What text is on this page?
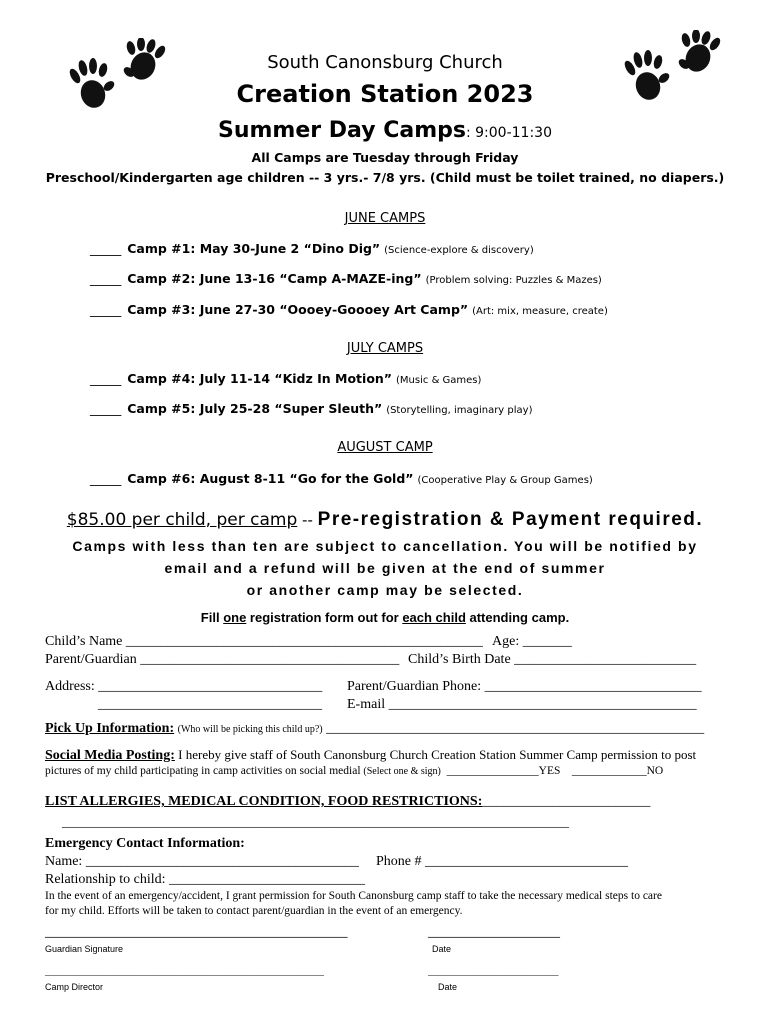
South Canonsburg Church
Creation Station 2023
Summer Day Camps: 9:00-11:30
All Camps are Tuesday through Friday
Preschool/Kindergarten age children -- 3 yrs.- 7/8 yrs. (Child must be toilet trained, no diapers.)
JUNE CAMPS
_____ Camp #1: May 30-June 2 “Dino Dig” (Science-explore & discovery)
_____ Camp #2: June 13-16 “Camp A-MAZE-ing” (Problem solving: Puzzles & Mazes)
_____ Camp #3: June 27-30 “Oooey-Goooey Art Camp” (Art: mix, measure, create)
JULY CAMPS
_____ Camp #4: July 11-14 “Kidz In Motion” (Music & Games)
_____ Camp #5: July 25-28 “Super Sleuth” (Storytelling, imaginary play)
AUGUST CAMP
_____ Camp #6: August 8-11 “Go for the Gold” (Cooperative Play & Group Games)
$85.00 per child, per camp -- Pre-registration & Payment required.
Camps with less than ten are subject to cancellation. You will be notified by
email and a refund will be given at the end of summer
or another camp may be selected.
Fill one registration form out for each child attending camp.
Child’s Name ___________________________________________________ Age: _______
Parent/Guardian _____________________________________ Child’s Birth Date __________________________
Address: ________________________________
________________________________
Parent/Guardian Phone: _______________________________
E-mail ____________________________________________
Pick Up Information: (Who will be picking this child up?) ______________________________________________________
Social Media Posting: I hereby give staff of South Canonsburg Church Creation Station Summer Camp permission to post
pictures of my child participating in camp activities on social medial (Select one & sign) ________________YES _____________NO
LIST ALLERGIES, MEDICAL CONDITION, FOOD RESTRICTIONS:________________________
______________________________________________________________________________
Emergency Contact Information:
Name: _______________________________________ Phone # _____________________________
Relationship to child: ____________________________
In the event of an emergency/accident, I grant permission for South Canonsburg camp staff to take the necessary medical steps to care
for my child. Efforts will be taken to contact parent/guardian in the event of an emergency.
_______________________________________________________	________________________
Guardian Signature	Date
______________________________________________________________	_____________________________
Camp Director	Date
